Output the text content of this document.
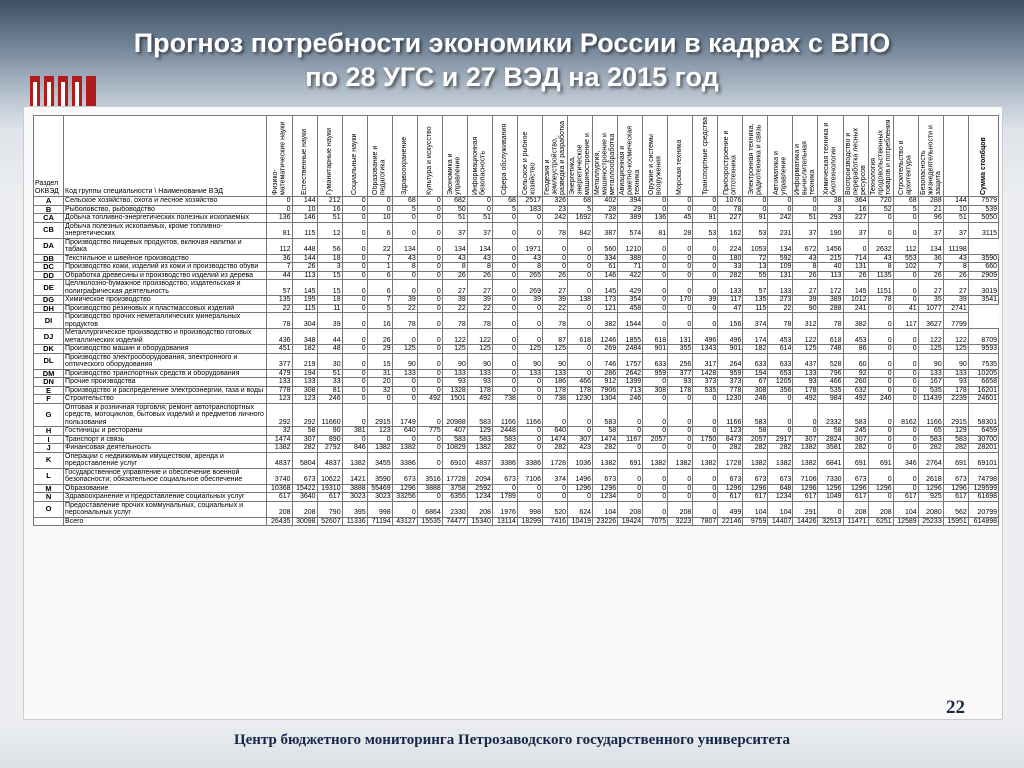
Прогноз потребности экономики России в кадрах с ВПО
по 28 УГС и 27 ВЭД на 2015 год
Раздел ОКВЭД	Код группы специальности \ Наименование ВЭД	Физико-математические науки	Естественные науки	Гуманитарные науки	Социальные науки	Образование и педагогика	Здравоохранение	Культура и искусство	Экономика и управление	Информационная безопасность	Сфера обслуживания	Сельское и рыбное хозяйство	Геодезия и землеустройство, разведка и разработка	Энергетика, энергетическое машиностроение и	Металлургия, машиностроение и металлообработка	Авиационная и ракетно-космическая техника	Оружие и системы вооружения	Морская техника	Транспортные средства	Приборостроение и оптотехника	Электронная техника, радиотехника и связь	Автоматика и управление	Информатика и вычислительная техника	Химическая техника и биотехнологии	Воспроизводство и переработка лесных ресурсов	Технология продовольственных товаров и потребления	Строительство и архитектура	Безопасность жизнедеятельности и защита		Сумма столбцов

A	Сельское хозяйство, охота и лесное хозяйство	0	144	212	0	0	68	0	682	0	68	2517	326	68	402	394	0	0	0	1076	0	0	0	38	364	720	68	288	144	7579
B	Рыболовство, рыбоводство	0	10	16	0	0	5	0	50	0	5	183	23	5	28	29	0	0	0	78	0	0	0	3	16	52	5	21	10	539
CA	Добыча топливно-энергетических полезных ископаемых	136	146	51	0	10	0	0	51	51	0	0	242	1692	732	389	136	45	91	227	91	242	51	293	227	0	0	96	51	5050
CB	Добыча полезных ископаемых, кроме топливно-энергетических	81	115	12	0	6	0	0	37	37	0	0	78	842	387	574	81	28	53	162	53	231	37	190	37	0	0	37	37	3115
DA	Производство пищевых продуктов, включая напитки и табака	112	448	56	0	22	134	0	134	134	0	1971	0	0	560	1210	0	0	0	224	1053	134	672	1456	0	2632	112	134	11198	
DB	Текстильное и швейное производство	36	144	18	0	7	43	0	43	43	0	43	0	0	334	388	0	0	0	180	72	592	43	215	714	43	553	36	43	3590
DC	Производство кожи, изделий из кожи и производство обуви	7	26	3	0	1	8	0	8	8	0	8	0	0	61	71	0	0	0	33	13	109	8	40	131	8	102	7	8	660
DD	Обработка древесины и производство изделий из дерева	44	113	15	0	6	0	0	26	26	0	265	26	0	146	422	0	0	0	282	55	131	26	113	26	1135	0	26	26	2909
DE	Целлюлозно-бумажное производство; издательская и полиграфическая деятельность	57	145	15	0	6	0	0	27	27	0	269	27	0	145	429	0	0	0	133	57	133	27	172	145	1151	0	27	27	3019
DG	Химическое производство	135	195	18	0	7	39	0	39	39	0	39	39	138	173	354	0	170	39	117	135	273	39	389	1012	78	0	35	39	3541
DH	Производство резиновых и пластмассовых изделий	22	115	11	0	5	22	0	22	22	0	0	22	0	121	458	0	0	0	47	115	22	90	288	241	0	41	1077	2741	
DI	Производство прочих неметаллических минеральных продуктов	78	304	39	0	16	78	0	78	78	0	0	78	0	382	1544	0	0	0	156	374	78	312	78	382	0	117	3627	7799	
DJ	Металлургическое производство и производство готовых металлических изделий	436	348	44	0	26	0	0	122	122	0	0	87	618	1246	1855	618	131	496	496	174	453	122	618	453	0	0	122	122	8709
DK	Производство машин и оборудования	451	182	48	0	29	125	0	125	125	0	125	125	0	269	2484	901	355	1343	901	182	614	125	748	86	0	0	125	125	9593
DL	Производство электрооборудования, электронного и оптического оборудования	377	219	30	0	15	90	0	90	90	0	90	90	0	746	1757	633	256	317	264	633	633	437	528	60	0	0	90	90	7535
DM	Производство транспортных средств и оборудования	479	194	51	0	31	133	0	133	133	0	133	133	0	286	2642	959	377	1428	959	194	653	133	796	92	0	0	133	133	10205
DN	Прочие производства	133	133	33	0	20	0	0	93	93	0	0	186	466	912	1399	0	93	373	373	67	1205	93	466	260	0	0	167	93	6658
E	Производство и распределение электроэнергии, газа и воды	778	308	81	0	32	0	0	1328	178	0	0	178	178	7906	713	308	178	535	778	308	356	178	535	632	0	0	535	178	16201
F	Строительство	123	123	246	0	0	0	492	1501	492	738	0	738	1230	1304	246	0	0	0	1230	246	0	492	984	492	246	0	11439	2239	24601
G	Оптовая и розничная торговля; ремонт автотранспортных средств, мотоциклов, бытовых изделий и предметов личного пользования	292	292	11660	0	2915	1749	0	20988	583	1166	1166	0	0	583	0	0	0	0	1166	583	0	0	2332	583	0	8162	1166	2915	58301
H	Гостиницы и рестораны	32	58	90	381	123	640	775	407	129	2448	0	640	0	58	0	0	0	0	123	58	0	0	58	245	0	0	65	129	6459
I	Транспорт и связь	1474	307	890	0	0	0	0	583	583	583	0	1474	307	1474	1167	2057	0	1750	8473	2057	2917	307	2824	307	0	0	583	583	30700
J	Финансовая деятельность	1382	282	2792	846	1382	1382	0	10829	1382	282	0	282	423	282	0	0	0	0	282	282	282	1382	3581	282	0	0	282	282	28201
K	Операции с недвижимым имуществом, аренда и предоставление услуг	4837	5804	4837	1382	3455	3386	0	6910	4837	3386	3386	1728	1036	1382	691	1382	1382	1382	1728	1382	1382	1382	6841	691	691	346	2764	691	69101
L	Государственное управление и обеспечение военной безопасности; обязательное социальное обеспечение	3740	673	10622	1421	3590	673	3516	17728	2094	673	7106	374	1496	673	0	0	0	0	673	673	673	7106	7330	673	0	0	2618	673	74798
M	Образование	10368	15422	19310	3888	55469	1296	3888	3758	2592	0	0	0	1296	1296	0	0	0	0	1296	1296	648	1296	1296	1296	1296	0	1296	1296	129599
N	Здравоохранение и предоставление социальных услуг	617	3640	617	3023	3023	33256	0	6355	1234	1789	0	0	0	1234	0	0	0	0	617	617	1234	617	1049	617	0	617	925	617	61698
O	Предоставление прочих коммунальных, социальных и персональных услуг	208	208	790	395	998	0	6864	2330	208	1976	998	520	624	104	208	0	208	0	499	104	104	291	0	208	208	104	2080	562	20799
	Всего	26435	30098	52607	11336	71194	43127	15535	74477	15340	13114	18299	7416	10419	23226	19424	7075	3223	7807	22146	9759	14407	14426	32513	11471	6251	12589	25233	15951	614898
22
Центр бюджетного мониторинга Петрозаводского государственного университета
